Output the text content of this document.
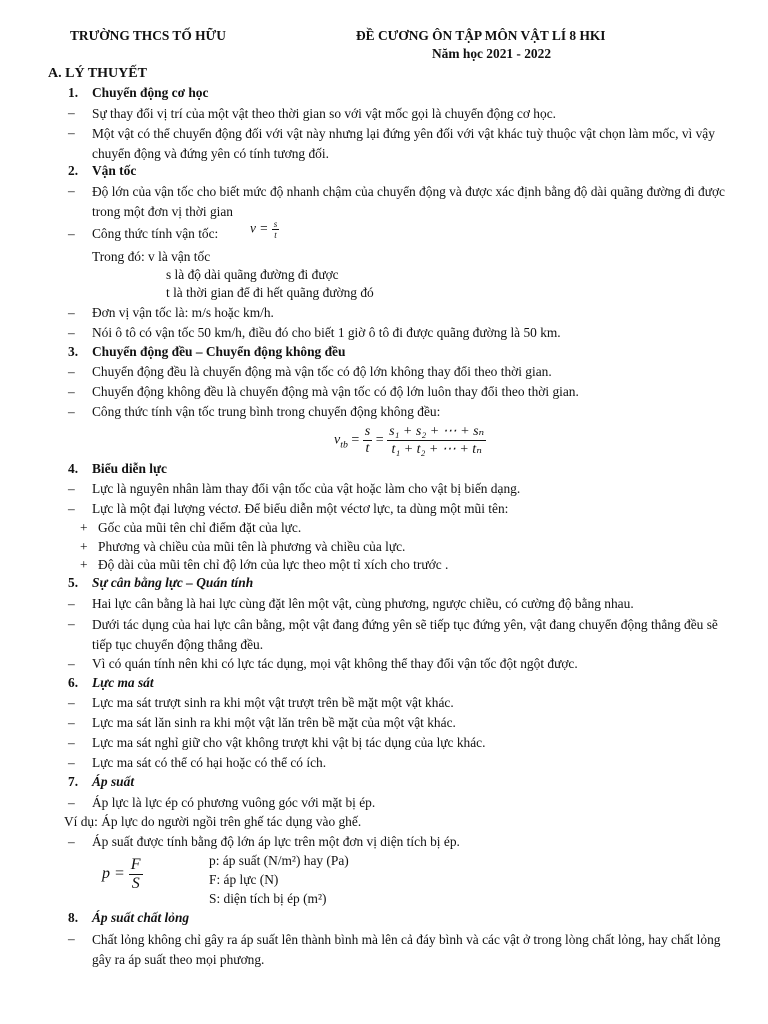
TRƯỜNG THCS TỐ HỮU	ĐỀ CƯƠNG ÔN TẬP MÔN VẬT LÍ 8 HKI
Năm học 2021 - 2022
A. LÝ THUYẾT
1. Chuyển động cơ học
– Sự thay đổi vị trí của một vật theo thời gian so với vật mốc gọi là chuyển động cơ học.
– Một vật có thể chuyển động đối với vật này nhưng lại đứng yên đối với vật khác tuỳ thuộc vật chọn làm mốc, vì vậy chuyển động và đứng yên có tính tương đối.
2. Vận tốc
– Độ lớn của vận tốc cho biết mức độ nhanh chậm của chuyển động và được xác định bằng độ dài quãng đường đi được trong một đơn vị thời gian
– Công thức tính vận tốc: $v = \frac{s}{t}$
Trong đó: v là vận tốc
s là độ dài quãng đường đi được
t là thời gian để đi hết quãng đường đó
– Đơn vị vận tốc là: m/s hoặc km/h.
– Nói ô tô có vận tốc 50 km/h, điều đó cho biết 1 giờ ô tô đi được quãng đường là 50 km.
3. Chuyển động đều – Chuyển động không đều
– Chuyển động đều là chuyển động mà vận tốc có độ lớn không thay đổi theo thời gian.
– Chuyển động không đều là chuyển động mà vận tốc có độ lớn luôn thay đổi theo thời gian.
– Công thức tính vận tốc trung bình trong chuyển động không đều:
$v_{tb} = \frac{s}{t} = \frac{\text{s₁ + s₂ + ⋯ + sₙ}}{\text{t₁ + t₂ + ⋯ + tₙ}}$
4. Biểu diễn lực
– Lực là nguyên nhân làm thay đổi vận tốc của vật hoặc làm cho vật bị biến dạng.
– Lực là một đại lượng véctơ. Để biểu diễn một véctơ lực, ta dùng một mũi tên:
+ Gốc của mũi tên chỉ điểm đặt của lực.
+ Phương và chiều của mũi tên là phương và chiều của lực.
+ Độ dài của mũi tên chỉ độ lớn của lực theo một tỉ xích cho trước .
5. Sự cân bằng lực – Quán tính
– Hai lực cân bằng là hai lực cùng đặt lên một vật, cùng phương, ngược chiều, có cường độ bằng nhau.
– Dưới tác dụng của hai lực cân bằng, một vật đang đứng yên sẽ tiếp tục đứng yên, vật đang chuyển động thẳng đều sẽ tiếp tục chuyển động thẳng đều.
– Vì có quán tính nên khi có lực tác dụng, mọi vật không thể thay đổi vận tốc đột ngột được.
6. Lực ma sát
– Lực ma sát trượt sinh ra khi một vật trượt trên bề mặt một vật khác.
– Lực ma sát lăn sinh ra khi một vật lăn trên bề mặt của một vật khác.
– Lực ma sát nghỉ giữ cho vật không trượt khi vật bị tác dụng của lực khác.
– Lực ma sát có thể có hại hoặc có thể có ích.
7. Áp suất
– Áp lực là lực ép có phương vuông góc với mặt bị ép.
Ví dụ: Áp lực do người ngồi trên ghế tác dụng vào ghế.
– Áp suất được tính bằng độ lớn áp lực trên một đơn vị diện tích bị ép.
$p = \frac{F}{S}$	p: áp suất (N/m²) hay (Pa)
F: áp lực (N)
S: diện tích bị ép (m²)
8. Áp suất chất lỏng
– Chất lỏng không chỉ gây ra áp suất lên thành bình mà lên cả đáy bình và các vật ở trong lòng chất lỏng, hay chất lỏng gây ra áp suất theo mọi phương.
